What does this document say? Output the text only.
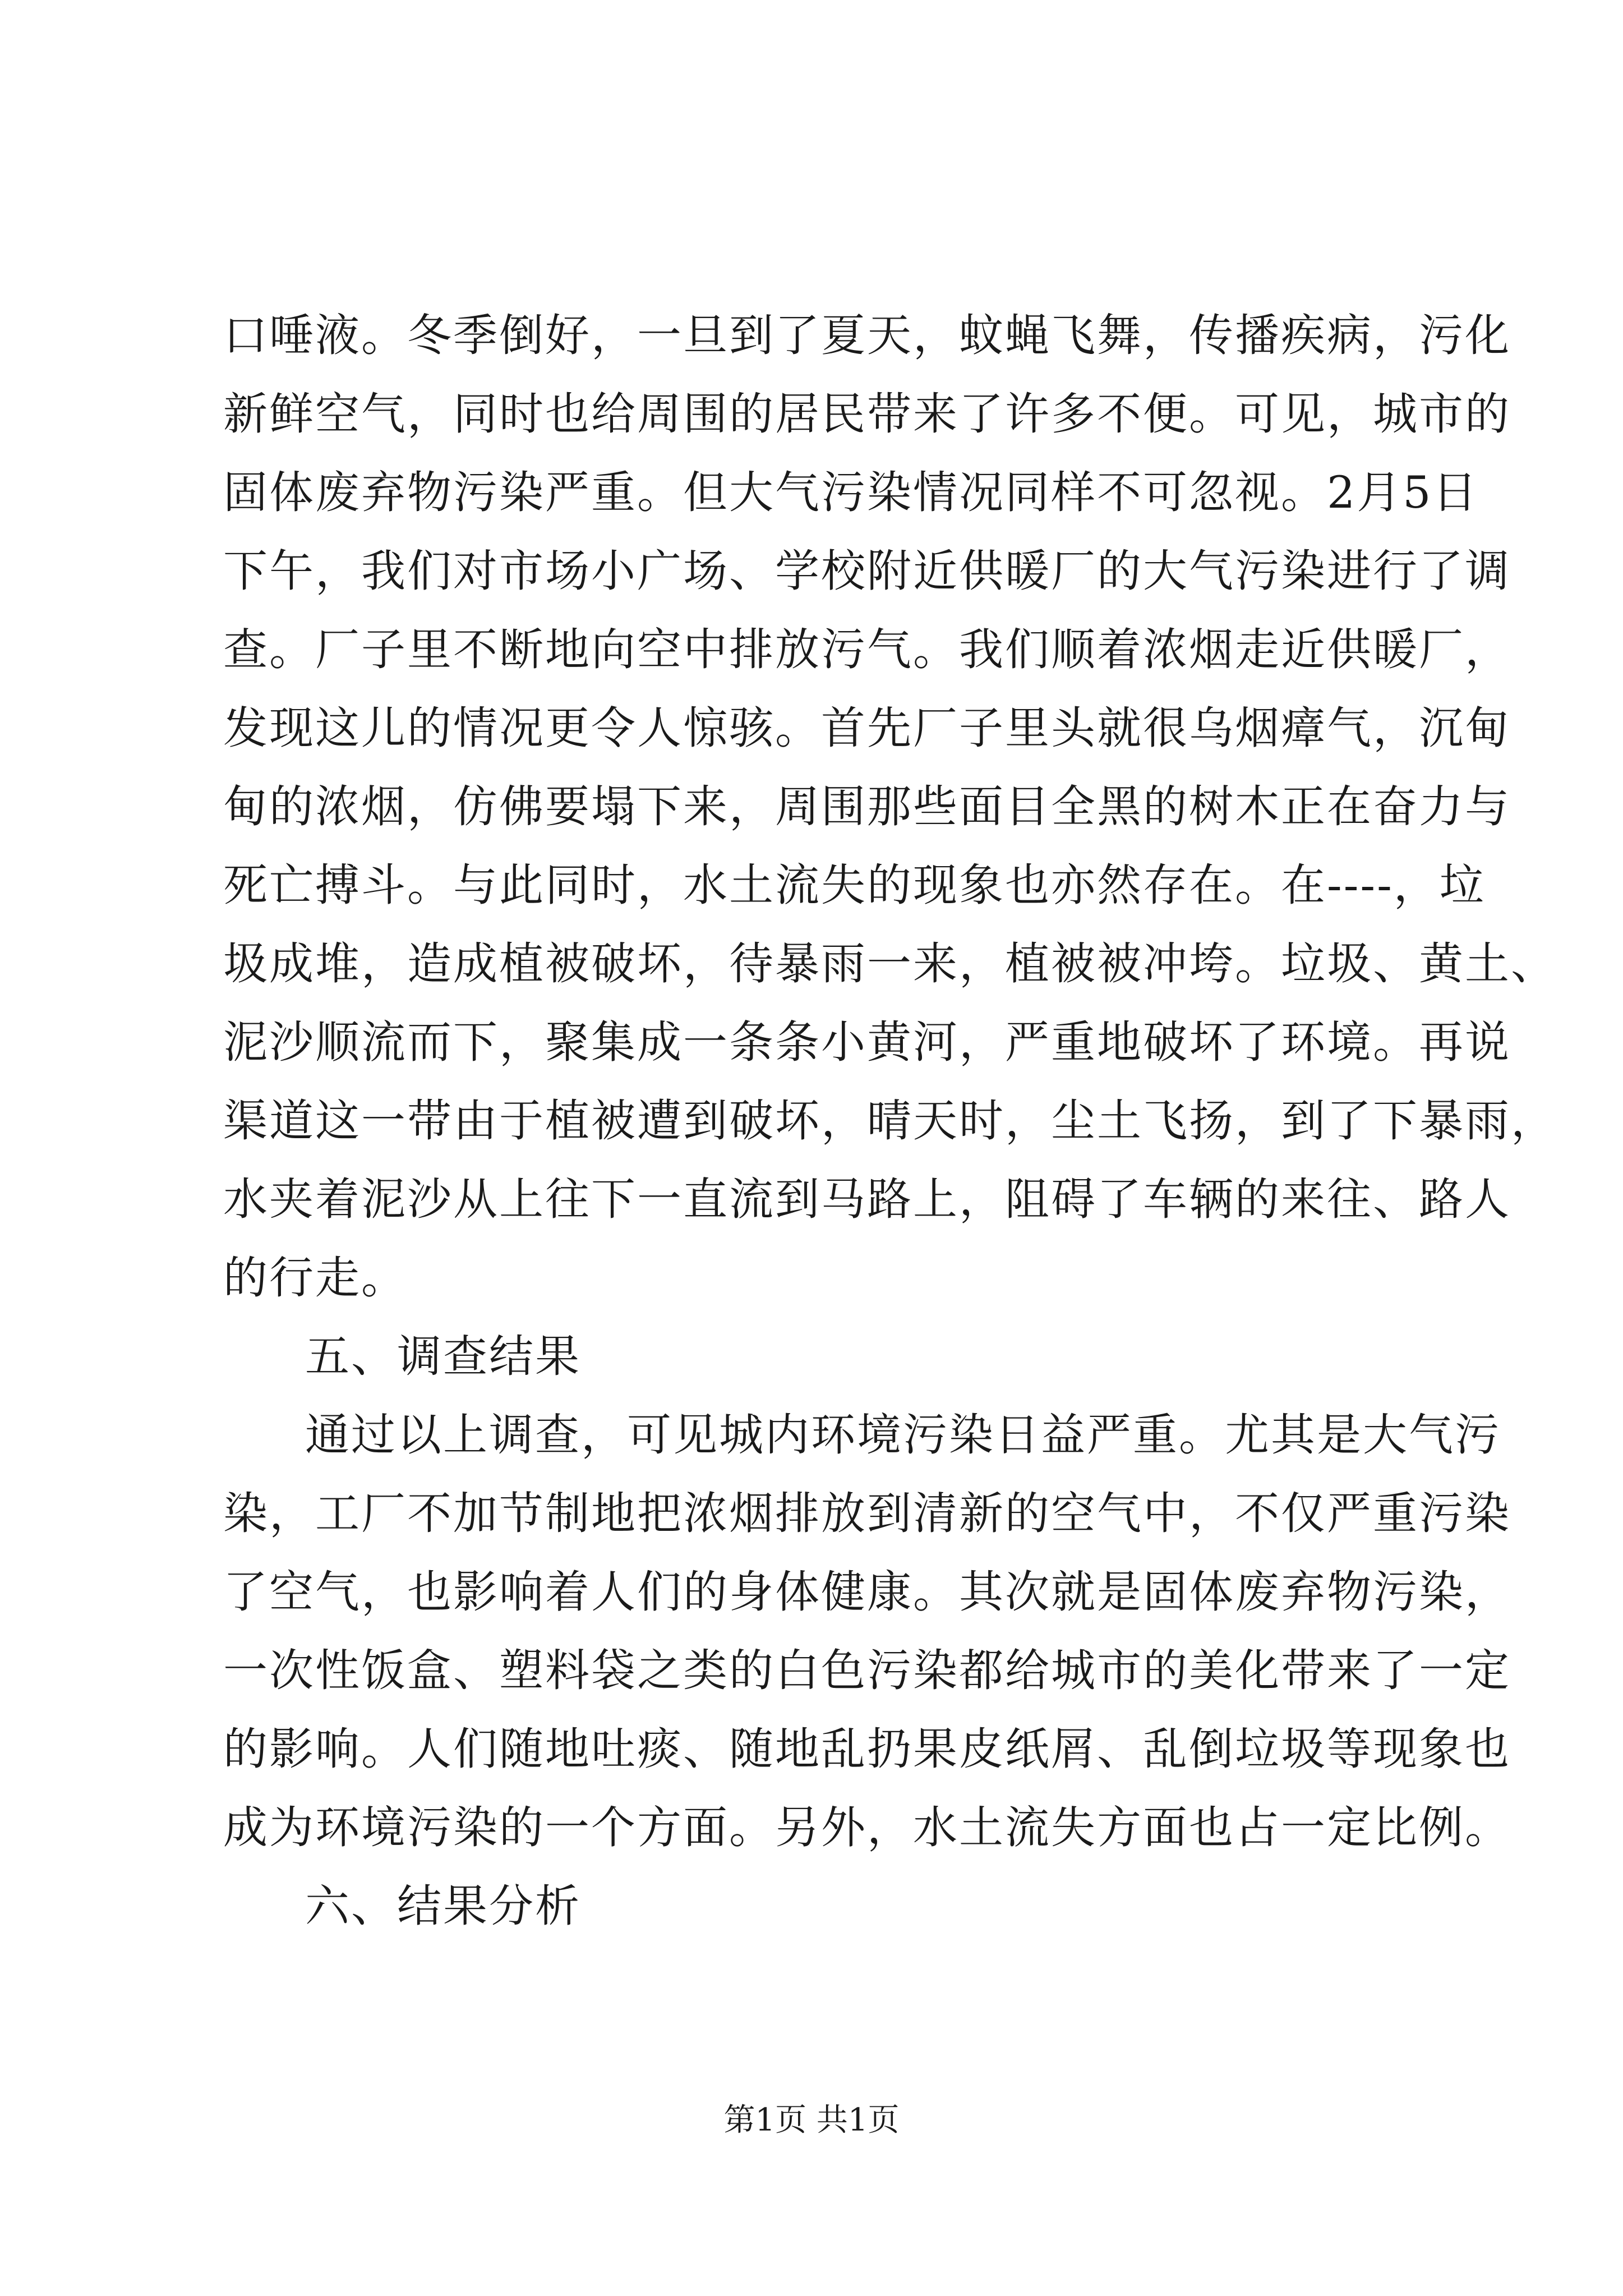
口唾液。冬季倒好，一旦到了夏天，蚊蝇飞舞，传播疾病，污化
新鲜空气，同时也给周围的居民带来了许多不便。可见，城市的
固体废弃物污染严重。但大气污染情况同样不可忽视。2月5日
下午，我们对市场小广场、学校附近供暖厂的大气污染进行了调
查。厂子里不断地向空中排放污气。我们顺着浓烟走近供暖厂，
发现这儿的情况更令人惊骇。首先厂子里头就很乌烟瘴气，沉甸
甸的浓烟，仿佛要塌下来，周围那些面目全黑的树木正在奋力与
死亡搏斗。与此同时，水土流失的现象也亦然存在。在----，垃
圾成堆，造成植被破坏，待暴雨一来，植被被冲垮。垃圾、黄土、
泥沙顺流而下，聚集成一条条小黄河，严重地破坏了环境。再说
渠道这一带由于植被遭到破坏，晴天时，尘土飞扬，到了下暴雨，
水夹着泥沙从上往下一直流到马路上，阻碍了车辆的来往、路人
的行走。
五、调查结果
通过以上调查，可见城内环境污染日益严重。尤其是大气污
染，工厂不加节制地把浓烟排放到清新的空气中，不仅严重污染
了空气，也影响着人们的身体健康。其次就是固体废弃物污染，
一次性饭盒、塑料袋之类的白色污染都给城市的美化带来了一定
的影响。人们随地吐痰、随地乱扔果皮纸屑、乱倒垃圾等现象也
成为环境污染的一个方面。另外，水土流失方面也占一定比例。
六、结果分析
第1页 共1页
